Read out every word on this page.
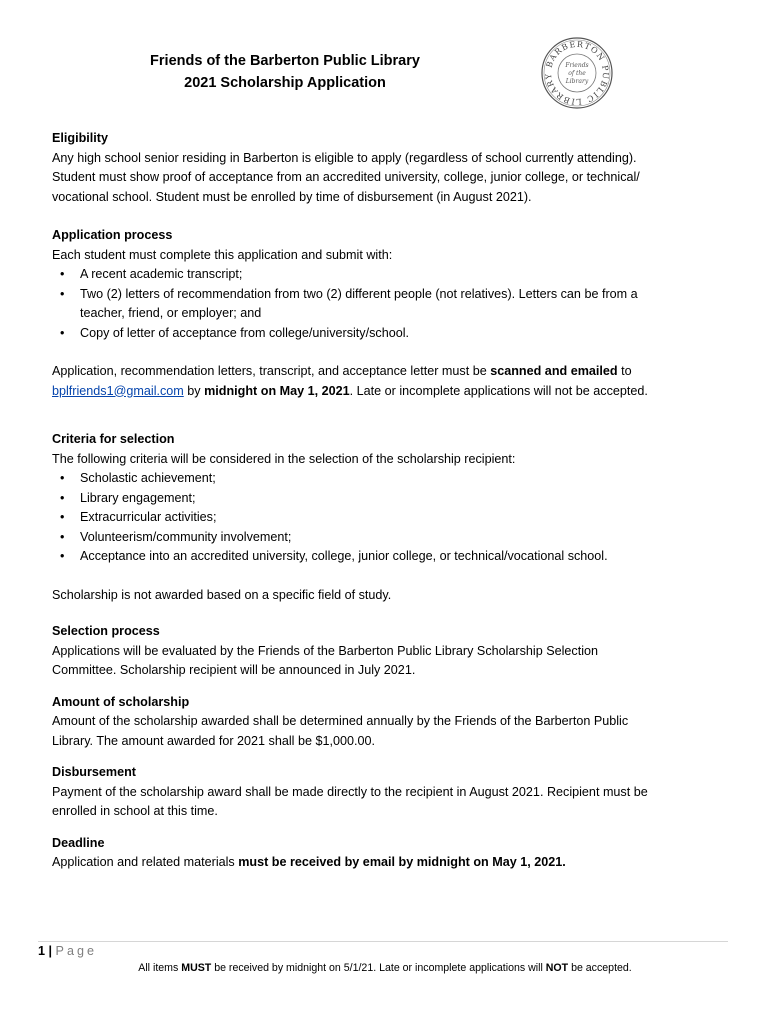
Friends of the Barberton Public Library
2021 Scholarship Application
BARBERTON PUBLIC LIBRARY
Friends
of the
Library

Eligibility

Any high school senior residing in Barberton is eligible to apply (regardless of school currently attending).

Student must show proof of acceptance from an accredited university, college, junior college, or technical/

vocational school. Student must be enrolled by time of disbursement (in August 2021).

Application process

Each student must complete this application and submit with:

• A recent academic transcript;
• Two (2) letters of recommendation from two (2) different people (not relatives). Letters can be from a
teacher, friend, or employer; and
• Copy of letter of acceptance from college/university/school.

Application, recommendation letters, transcript, and acceptance letter must be scanned and emailed to
bplfriends1@gmail.com by midnight on May 1, 2021. Late or incomplete applications will not be accepted.

Criteria for selection

The following criteria will be considered in the selection of the scholarship recipient:

• Scholastic achievement;
• Library engagement;
• Extracurricular activities;
• Volunteerism/community involvement;
• Acceptance into an accredited university, college, junior college, or technical/vocational school.

Scholarship is not awarded based on a specific field of study.

Selection process

Applications will be evaluated by the Friends of the Barberton Public Library Scholarship Selection

Committee. Scholarship recipient will be announced in July 2021.

Amount of scholarship

Amount of the scholarship awarded shall be determined annually by the Friends of the Barberton Public

Library. The amount awarded for 2021 shall be $1,000.00.

Disbursement

Payment of the scholarship award shall be made directly to the recipient in August 2021. Recipient must be

enrolled in school at this time.

Deadline

Application and related materials must be received by email by midnight on May 1, 2021.

1 | Page
All items MUST be received by midnight on 5/1/21. Late or incomplete applications will NOT be accepted.
